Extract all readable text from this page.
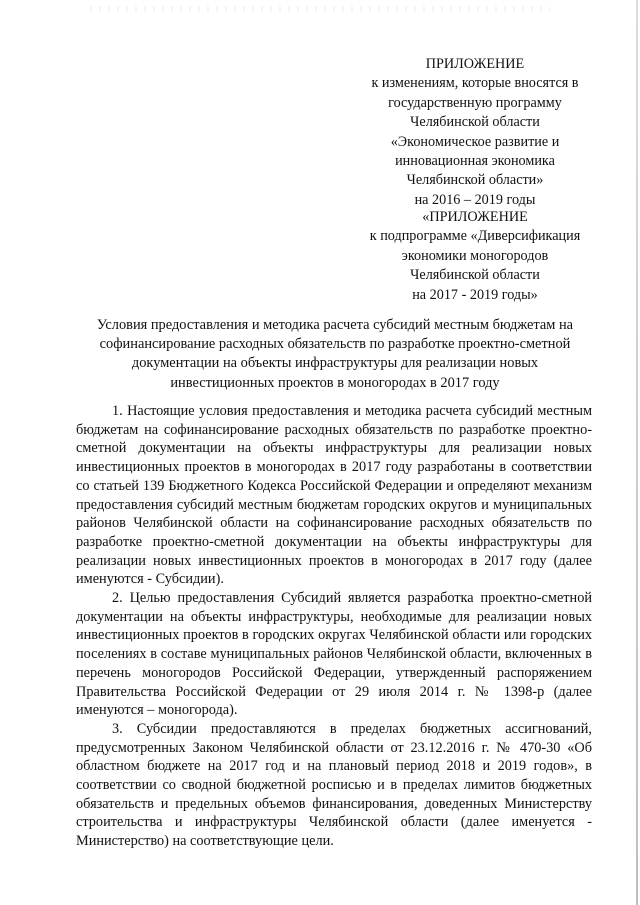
ПРИЛОЖЕНИЕ
к изменениям, которые вносятся в
государственную программу
Челябинской области
«Экономическое развитие и
инновационная экономика
Челябинской области»
на 2016 – 2019 годы
«ПРИЛОЖЕНИЕ
к подпрограмме «Диверсификация
экономики моногородов
Челябинской области
на 2017 - 2019 годы»
Условия предоставления и методика расчета субсидий местным бюджетам на
софинансирование расходных обязательств по разработке проектно-сметной
документации на объекты инфраструктуры для реализации новых
инвестиционных проектов в моногородах в 2017 году

1. Настоящие условия предоставления и методика расчета субсидий местным бюджетам на софинансирование расходных обязательств по разработке проектно-сметной документации на объекты инфраструктуры для реализации новых инвестиционных проектов в моногородах в 2017 году разработаны в соответствии со статьей 139 Бюджетного Кодекса Российской Федерации и определяют механизм предоставления субсидий местным бюджетам городских округов и муниципальных районов Челябинской области на софинансирование расходных обязательств по разработке проектно-сметной документации на объекты инфраструктуры для реализации новых инвестиционных проектов в моногородах в 2017 году (далее именуются - Субсидии).

2. Целью предоставления Субсидий является разработка проектно-сметной документации на объекты инфраструктуры, необходимые для реализации новых инвестиционных проектов в городских округах Челябинской области или городских поселениях в составе муниципальных районов Челябинской области, включенных в перечень моногородов Российской Федерации, утвержденный распоряжением Правительства Российской Федерации от 29 июля 2014 г. № 1398-р (далее именуются – моногорода).

3. Субсидии предоставляются в пределах бюджетных ассигнований, предусмотренных Законом Челябинской области от 23.12.2016 г. № 470-30 «Об областном бюджете на 2017 год и на плановый период 2018 и 2019 годов», в соответствии со сводной бюджетной росписью и в пределах лимитов бюджетных обязательств и предельных объемов финансирования, доведенных Министерству строительства и инфраструктуры Челябинской области (далее именуется - Министерство) на соответствующие цели.
